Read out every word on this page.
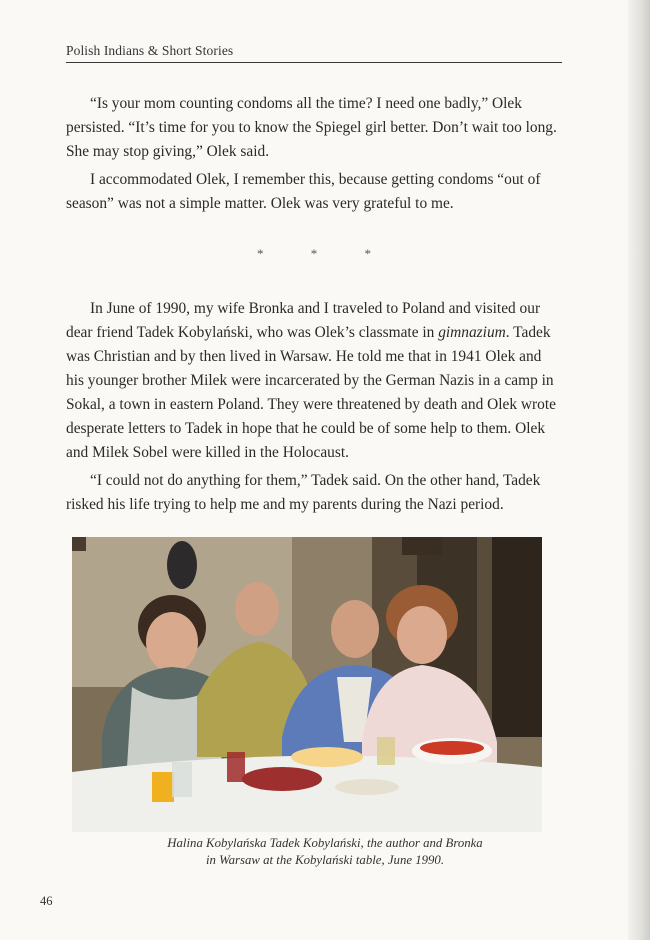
Polish Indians & Short Stories

“Is your mom counting condoms all the time? I need one badly,” Olek persisted. “It’s time for you to know the Spiegel girl better. Don’t wait too long. She may stop giving,” Olek said.

I accommodated Olek, I remember this, because getting condoms “out of season” was not a simple matter. Olek was very grateful to me.

* * *

In June of 1990, my wife Bronka and I traveled to Poland and visited our dear friend Tadek Kobylański, who was Olek’s classmate in gimnazium. Tadek was Christian and by then lived in Warsaw. He told me that in 1941 Olek and his younger brother Milek were incarcerated by the German Nazis in a camp in Sokal, a town in eastern Poland. They were threatened by death and Olek wrote desperate letters to Tadek in hope that he could be of some help to them. Olek and Milek Sobel were killed in the Holocaust.

“I could not do anything for them,” Tadek said. On the other hand, Tadek risked his life trying to help me and my parents during the Nazi period.

Halina Kobylańska Tadek Kobylański, the author and Bronka
in Warsaw at the Kobylański table, June 1990.
46
